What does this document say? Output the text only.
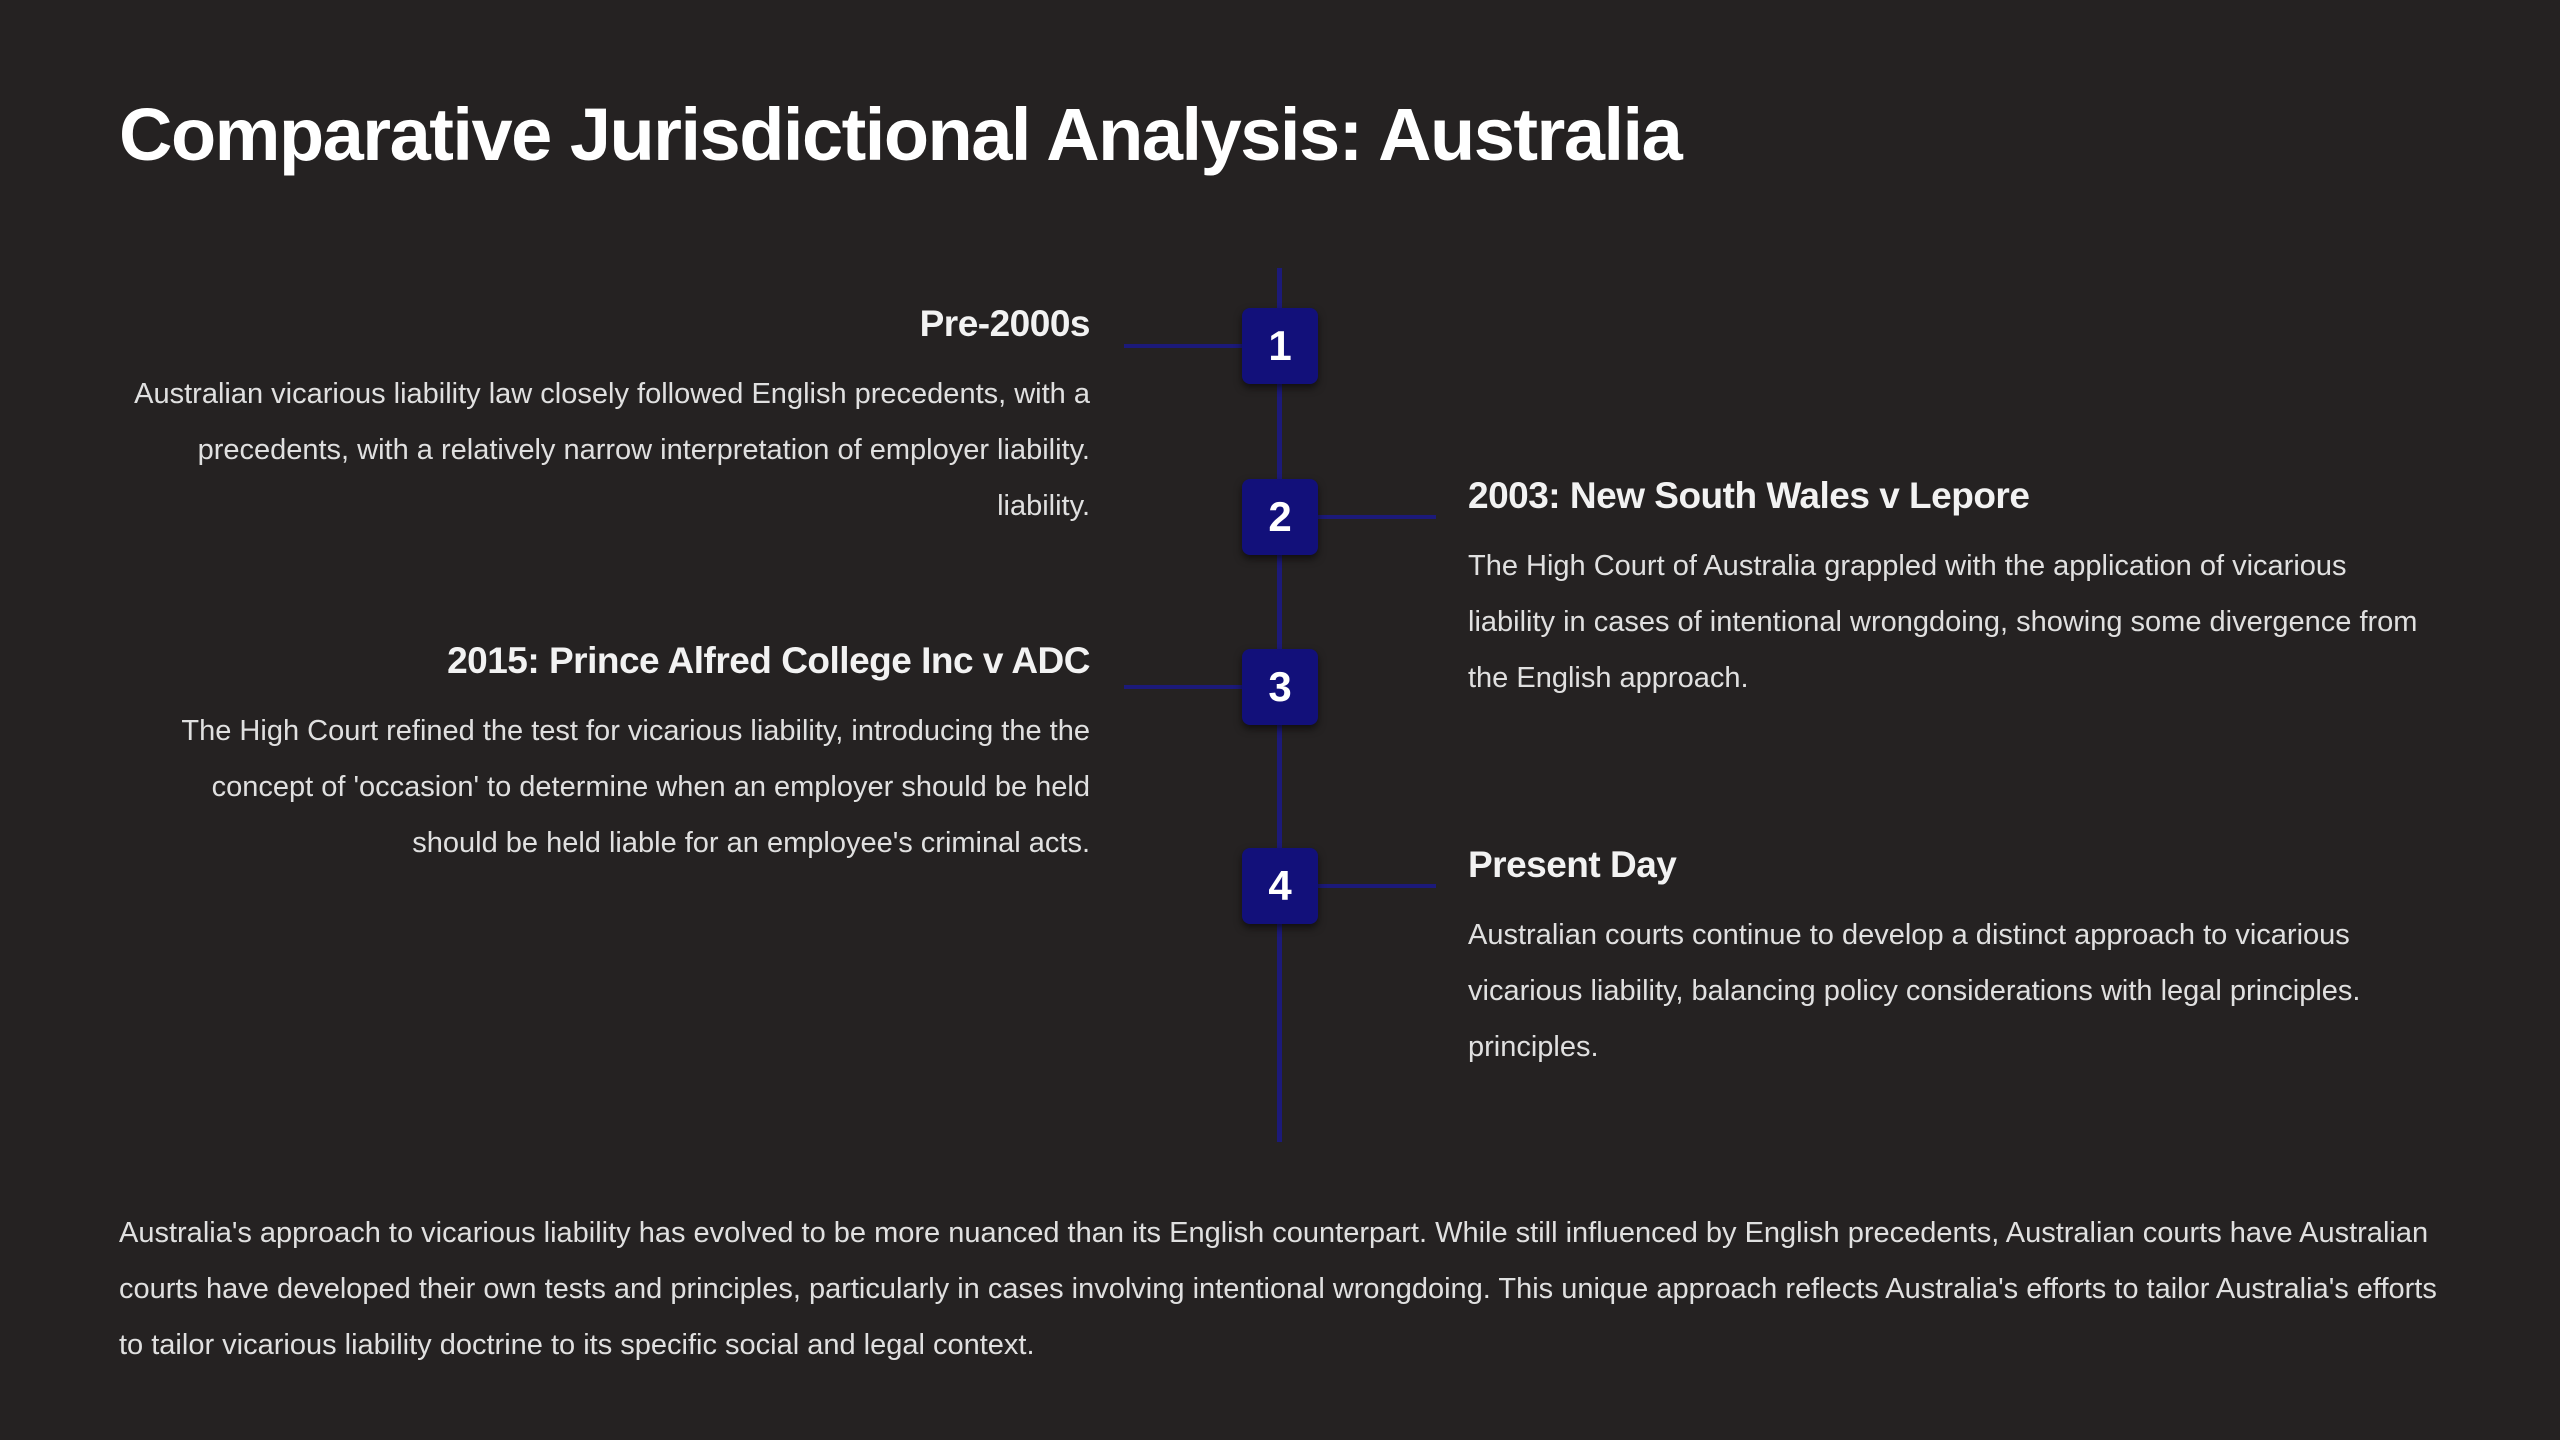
Comparative Jurisdictional Analysis: Australia
1
2
3
4
Pre-2000s
Australian vicarious liability law closely followed English precedents, with a precedents, with a relatively narrow interpretation of employer liability. liability.	2003: New South Wales v Lepore
The High Court of Australia grappled with the application of vicarious liability in cases of intentional wrongdoing, showing some divergence from the English approach.
2015: Prince Alfred College Inc v ADC
The High Court refined the test for vicarious liability, introducing the the concept of 'occasion' to determine when an employer should be held should be held liable for an employee's criminal acts.
Present Day
Australian courts continue to develop a distinct approach to vicarious vicarious liability, balancing policy considerations with legal principles. principles.

Australia's approach to vicarious liability has evolved to be more nuanced than its English counterpart. While still influenced by English precedents, Australian courts have Australian courts have developed their own tests and principles, particularly in cases involving intentional wrongdoing. This unique approach reflects Australia's efforts to tailor Australia's efforts to tailor vicarious liability doctrine to its specific social and legal context.
